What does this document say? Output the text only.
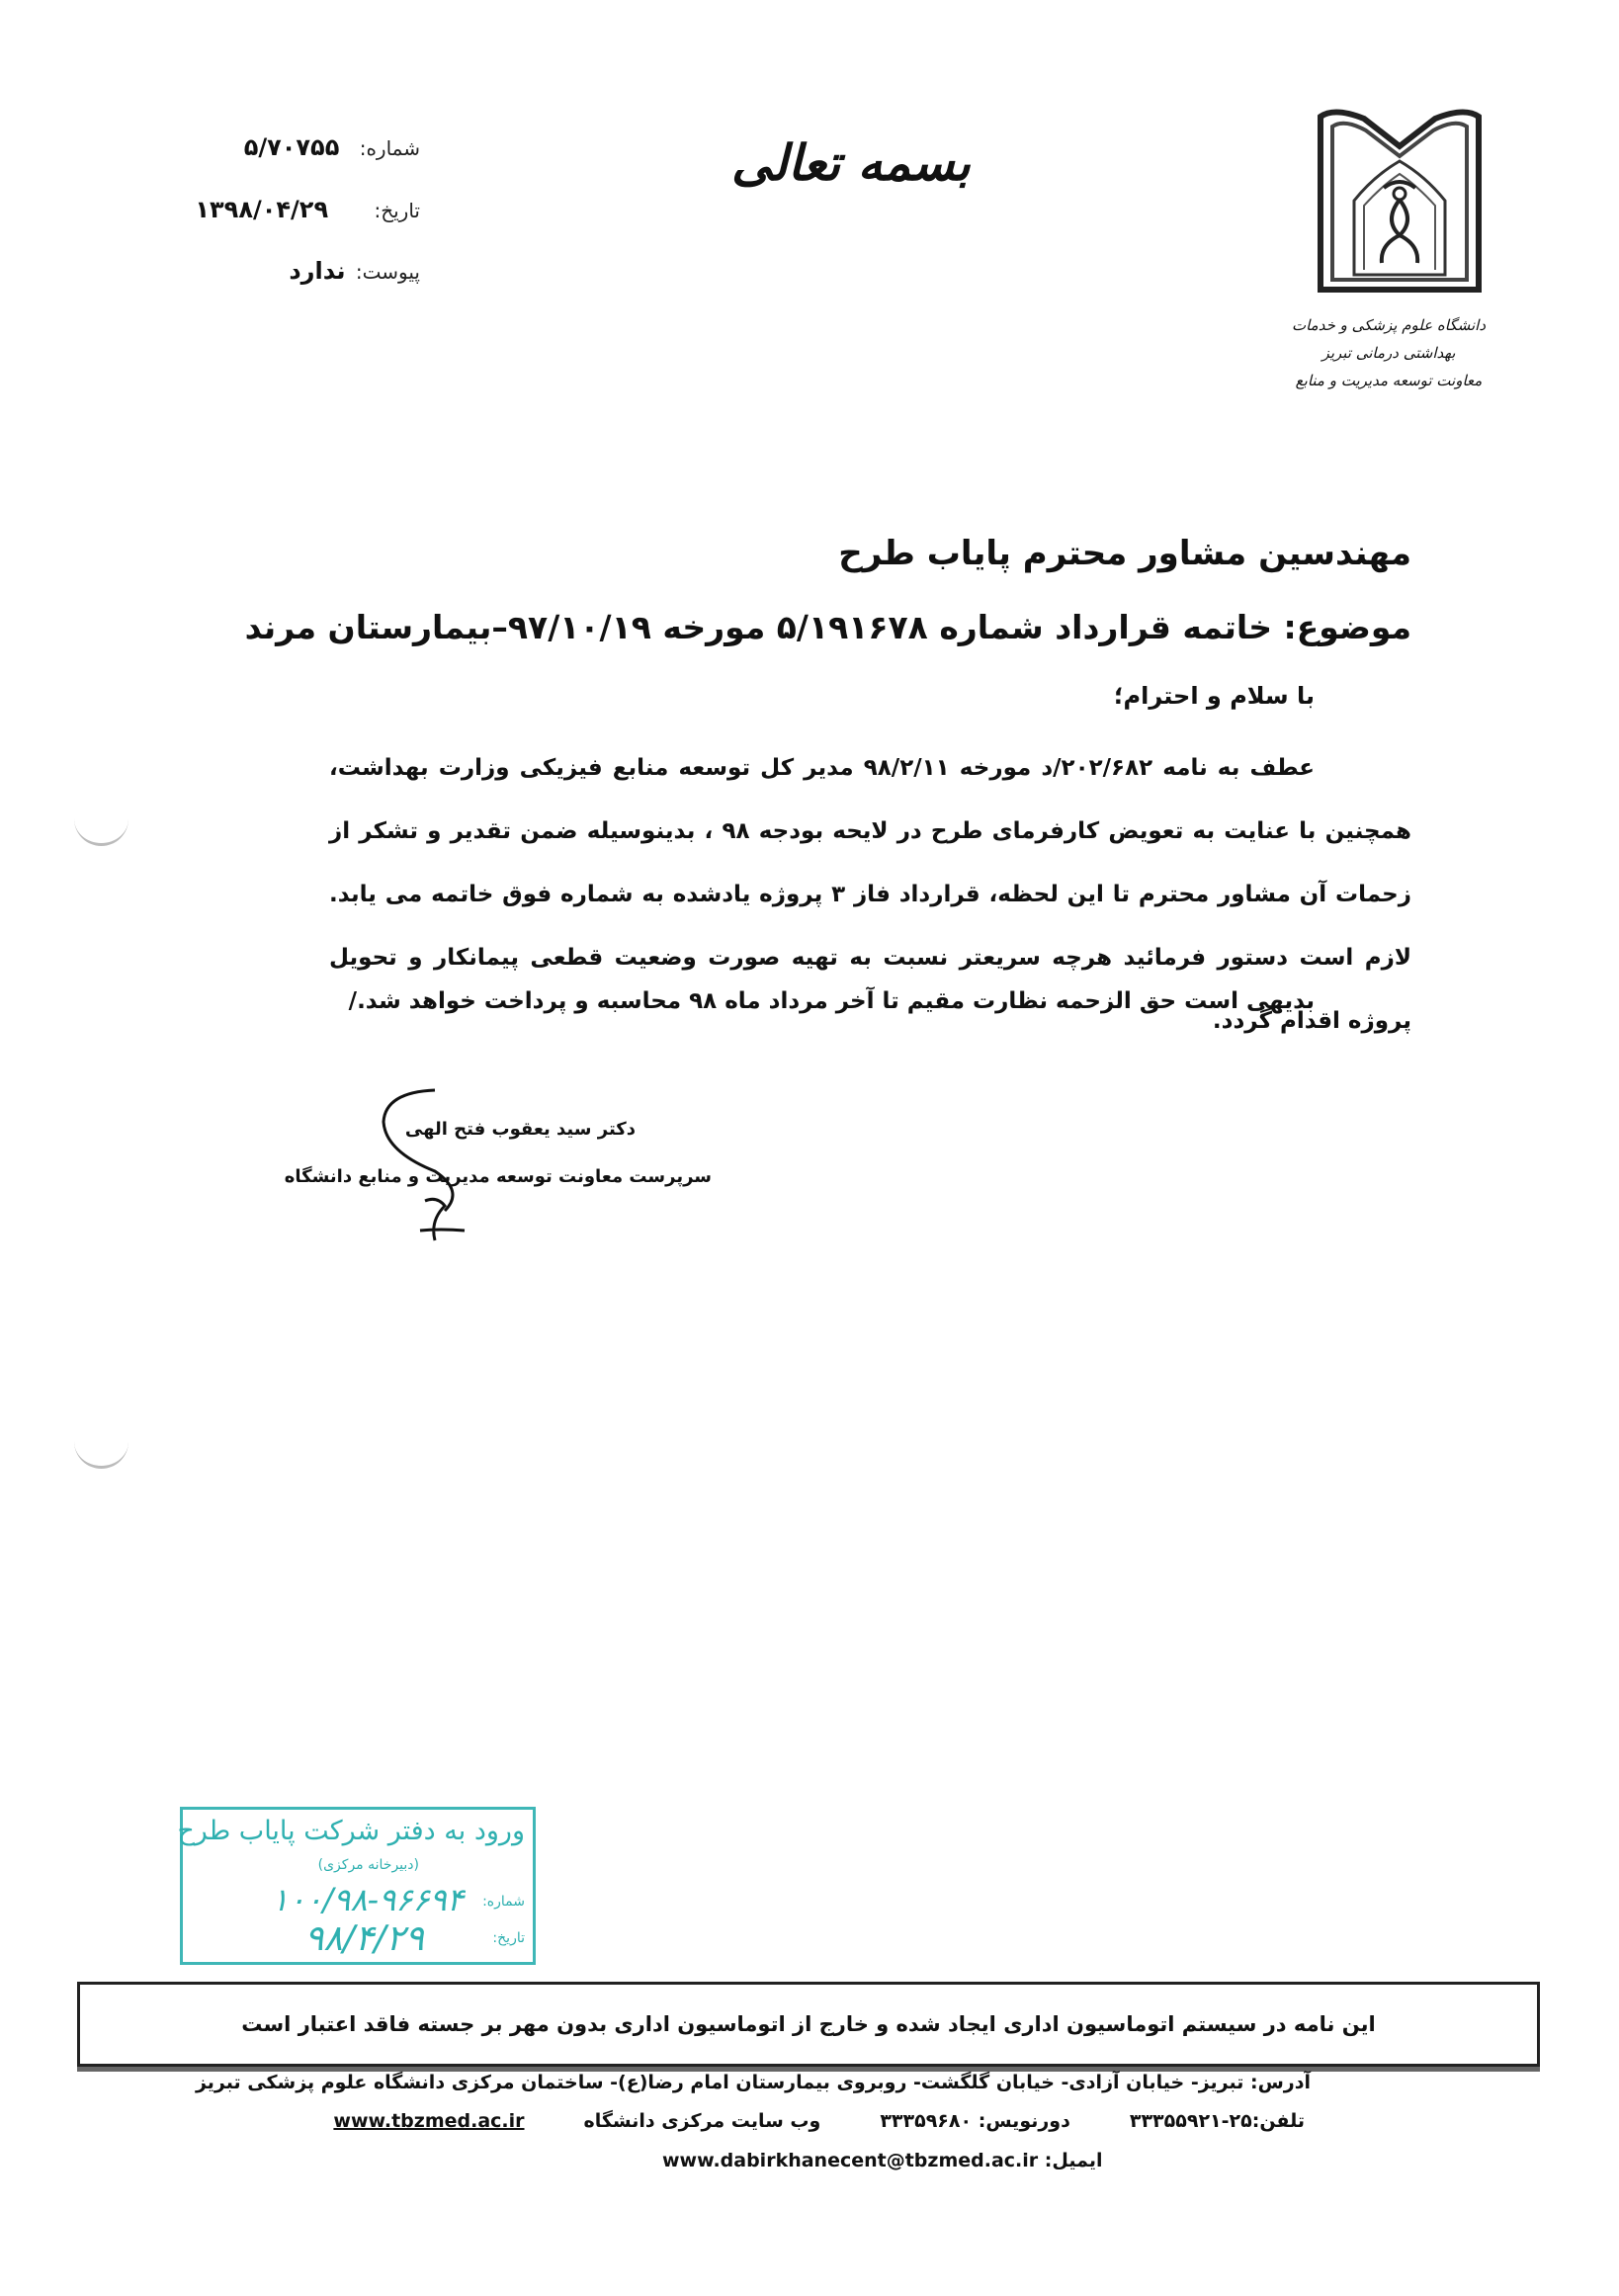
دانشگاه علوم پزشکی و خدمات بهداشتی درمانی تبریز
معاونت توسعه مدیریت و منابع
بسمه تعالی
شماره: ۵/۷۰۷۵۵
تاریخ: ۱۳۹۸/۰۴/۲۹
پیوست: ندارد
مهندسین مشاور محترم پایاب طرح
موضوع: خاتمه قرارداد شماره ۵/۱۹۱۶۷۸ مورخه ۹۷/۱۰/۱۹–بیمارستان مرند
با سلام و احترام؛
عطف به نامه ۲۰۲/۶۸۲/د مورخه ۹۸/۲/۱۱ مدیر کل توسعه منابع فیزیکی وزارت بهداشت، همچنین با عنایت به تعویض کارفرمای طرح در لایحه بودجه ۹۸ ، بدینوسیله ضمن تقدیر و تشکر از زحمات آن مشاور محترم تا این لحظه، قرارداد فاز ۳ پروژه یادشده به شماره فوق خاتمه می یابد. لازم است دستور فرمائید هرچه سریعتر نسبت به تهیه صورت وضعیت قطعی پیمانکار و تحویل پروژه اقدام گردد.
بدیهی است حق الزحمه نظارت مقیم تا آخر مرداد ماه ۹۸ محاسبه و پرداخت خواهد شد./
دکتر سید یعقوب فتح الهی
سرپرست معاونت توسعه مدیریت و منابع دانشگاه
ورود به دفتر شرکت پایاب طرح
(دبیرخانه مرکزی)
شماره:
۱۰۰/۹۸-۹۶۶۹۴
تاریخ:
۹۸/۴/۲۹
این نامه در سیستم اتوماسیون اداری ایجاد شده و خارج از اتوماسیون اداری بدون مهر بر جسته فاقد اعتبار است
آدرس: تبریز- خیابان آزادی- خیابان گلگشت- روبروی بیمارستان امام رضا(ع)- ساختمان مرکزی دانشگاه علوم پزشکی تبریز
تلفن:۲۵-۳۳۳۵۵۹۲۱
دورنویس: ۳۳۳۵۹۶۸۰
وب سایت مرکزی دانشگاه
www.tbzmed.ac.ir
ایمیل: www.dabirkhanecent@tbzmed.ac.ir
